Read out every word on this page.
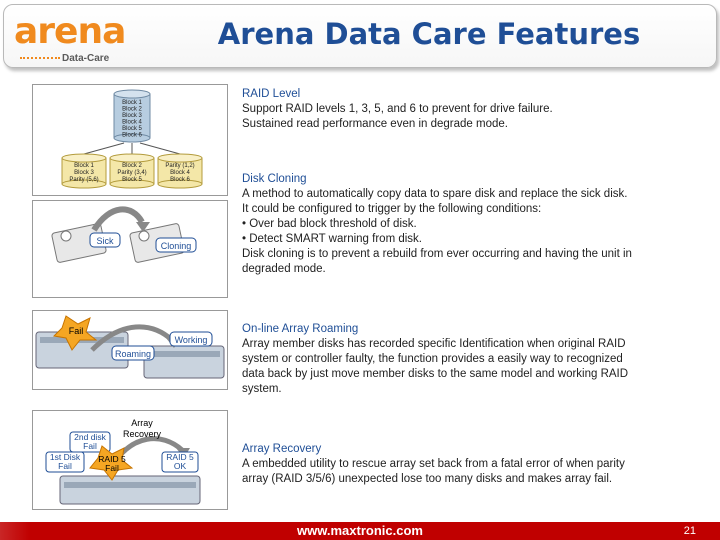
arena
Data-Care
Arena Data Care Features
Block 1
Block 2
Block 3
Block 4
Block 5
Block 6
Block 1
Block 3
Parity (5,6)
Block 2
Parity (3,4)
Block 5
Parity (1,2)
Block 4
Block 6
Sick	Cloning
Fail
Working
Roaming
Array
Recovery
2nd disk
Fail
1st Disk
Fail
RAID 5
Fail
RAID 5
OK
RAID Level
Support RAID levels 1, 3, 5, and 6 to prevent for drive failure.
Sustained read performance even in degrade mode.
Disk Cloning
A method to automatically copy data to spare disk and replace the sick disk.
It could be configured to trigger by the following conditions:
• Over bad block threshold of disk.
• Detect SMART warning from disk.
Disk cloning is to prevent a rebuild from ever occurring and having the unit in
degraded mode.
On-line Array Roaming
Array member disks has recorded specific Identification when original RAID
system or controller faulty, the function provides a easily way to recognized
data back by just move member disks to the same model and working RAID
system.
Array Recovery
A embedded utility to rescue array set back from a fatal error of when parity
array (RAID 3/5/6) unexpected lose too many disks and makes array fail.
www.maxtronic.com	21
